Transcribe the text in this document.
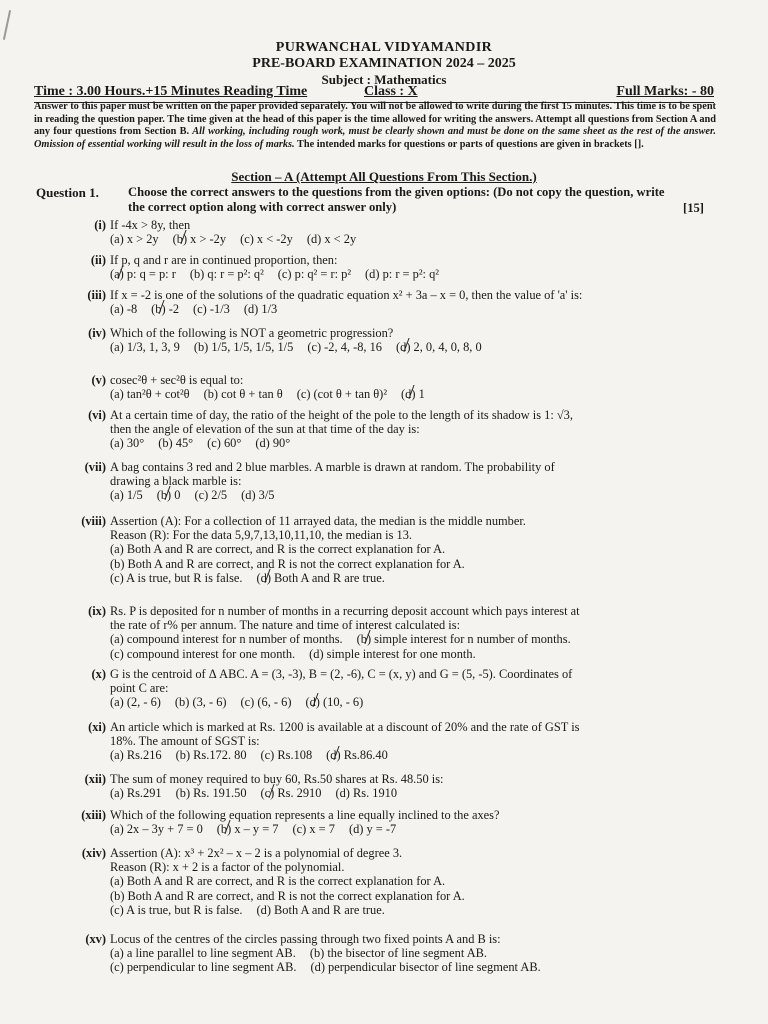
PURWANCHAL VIDYAMANDIR
PRE-BOARD EXAMINATION 2024 – 2025
Subject : Mathematics
Time : 3.00 Hours.+15 Minutes Reading Time	Class : X	Full Marks: - 80
Answer to this paper must be written on the paper provided separately. You will not be allowed to write during the first 15 minutes. This time is to be spent in reading the question paper. The time given at the head of this paper is the time allowed for writing the answers. Attempt all questions from Section A and any four questions from Section B. All working, including rough work, must be clearly shown and must be done on the same sheet as the rest of the answer. Omission of essential working will result in the loss of marks. The intended marks for questions or parts of questions are given in brackets [].
Section – A (Attempt All Questions From This Section.)
Question 1. Choose the correct answers to the questions from the given options: (Do not copy the question, write the correct option along with correct answer only)	[15]
(i) If -4x > 8y, then
(a) x > 2y (b) x > -2y (c) x < -2y (d) x < 2y
(ii) If p, q and r are in continued proportion, then:
(a) p: q = p: r (b) q: r = p²: q² (c) p: q² = r: p² (d) p: r = p²: q²
(iii) If x = -2 is one of the solutions of the quadratic equation x² + 3a – x = 0, then the value of 'a' is:
(a) -8 (b) -2 (c) -1/3 (d) 1/3
(iv) Which of the following is NOT a geometric progression?
(a) 1/3, 1, 3, 9 (b) 1/5, 1/5, 1/5, 1/5 (c) -2, 4, -8, 16 (d) 2, 0, 4, 0, 8, 0
(v) cosec²θ + sec²θ is equal to:
(a) tan²θ + cot²θ (b) cot θ + tan θ (c) (cot θ + tan θ)² (d) 1
(vi) At a certain time of day, the ratio of the height of the pole to the length of its shadow is 1: √3,
then the angle of elevation of the sun at that time of the day is:
(a) 30° (b) 45° (c) 60° (d) 90°
(vii) A bag contains 3 red and 2 blue marbles. A marble is drawn at random. The probability of
drawing a black marble is:
(a) 1/5 (b) 0 (c) 2/5 (d) 3/5
(viii) Assertion (A): For a collection of 11 arrayed data, the median is the middle number.
Reason (R): For the data 5,9,7,13,10,11,10, the median is 13.
(a) Both A and R are correct, and R is the correct explanation for A.
(b) Both A and R are correct, and R is not the correct explanation for A.
(c) A is true, but R is false. (d) Both A and R are true.
(ix) Rs. P is deposited for n number of months in a recurring deposit account which pays interest at
the rate of r% per annum. The nature and time of interest calculated is:
(a) compound interest for n number of months. (b) simple interest for n number of months.
(c) compound interest for one month. (d) simple interest for one month.
(x) G is the centroid of Δ ABC. A = (3, -3), B = (2, -6), C = (x, y) and G = (5, -5). Coordinates of
point C are:
(a) (2, - 6) (b) (3, - 6) (c) (6, - 6) (d) (10, - 6)
(xi) An article which is marked at Rs. 1200 is available at a discount of 20% and the rate of GST is
18%. The amount of SGST is:
(a) Rs.216 (b) Rs.172. 80 (c) Rs.108 (d) Rs.86.40
(xii) The sum of money required to buy 60, Rs.50 shares at Rs. 48.50 is:
(a) Rs.291 (b) Rs. 191.50 (c) Rs. 2910 (d) Rs. 1910
(xiii) Which of the following equation represents a line equally inclined to the axes?
(a) 2x – 3y + 7 = 0 (b) x – y = 7 (c) x = 7 (d) y = -7
(xiv) Assertion (A): x³ + 2x² – x – 2 is a polynomial of degree 3.
Reason (R): x + 2 is a factor of the polynomial.
(a) Both A and R are correct, and R is the correct explanation for A.
(b) Both A and R are correct, and R is not the correct explanation for A.
(c) A is true, but R is false. (d) Both A and R are true.
(xv) Locus of the centres of the circles passing through two fixed points A and B is:
(a) a line parallel to line segment AB. (b) the bisector of line segment AB.
(c) perpendicular to line segment AB. (d) perpendicular bisector of line segment AB.
